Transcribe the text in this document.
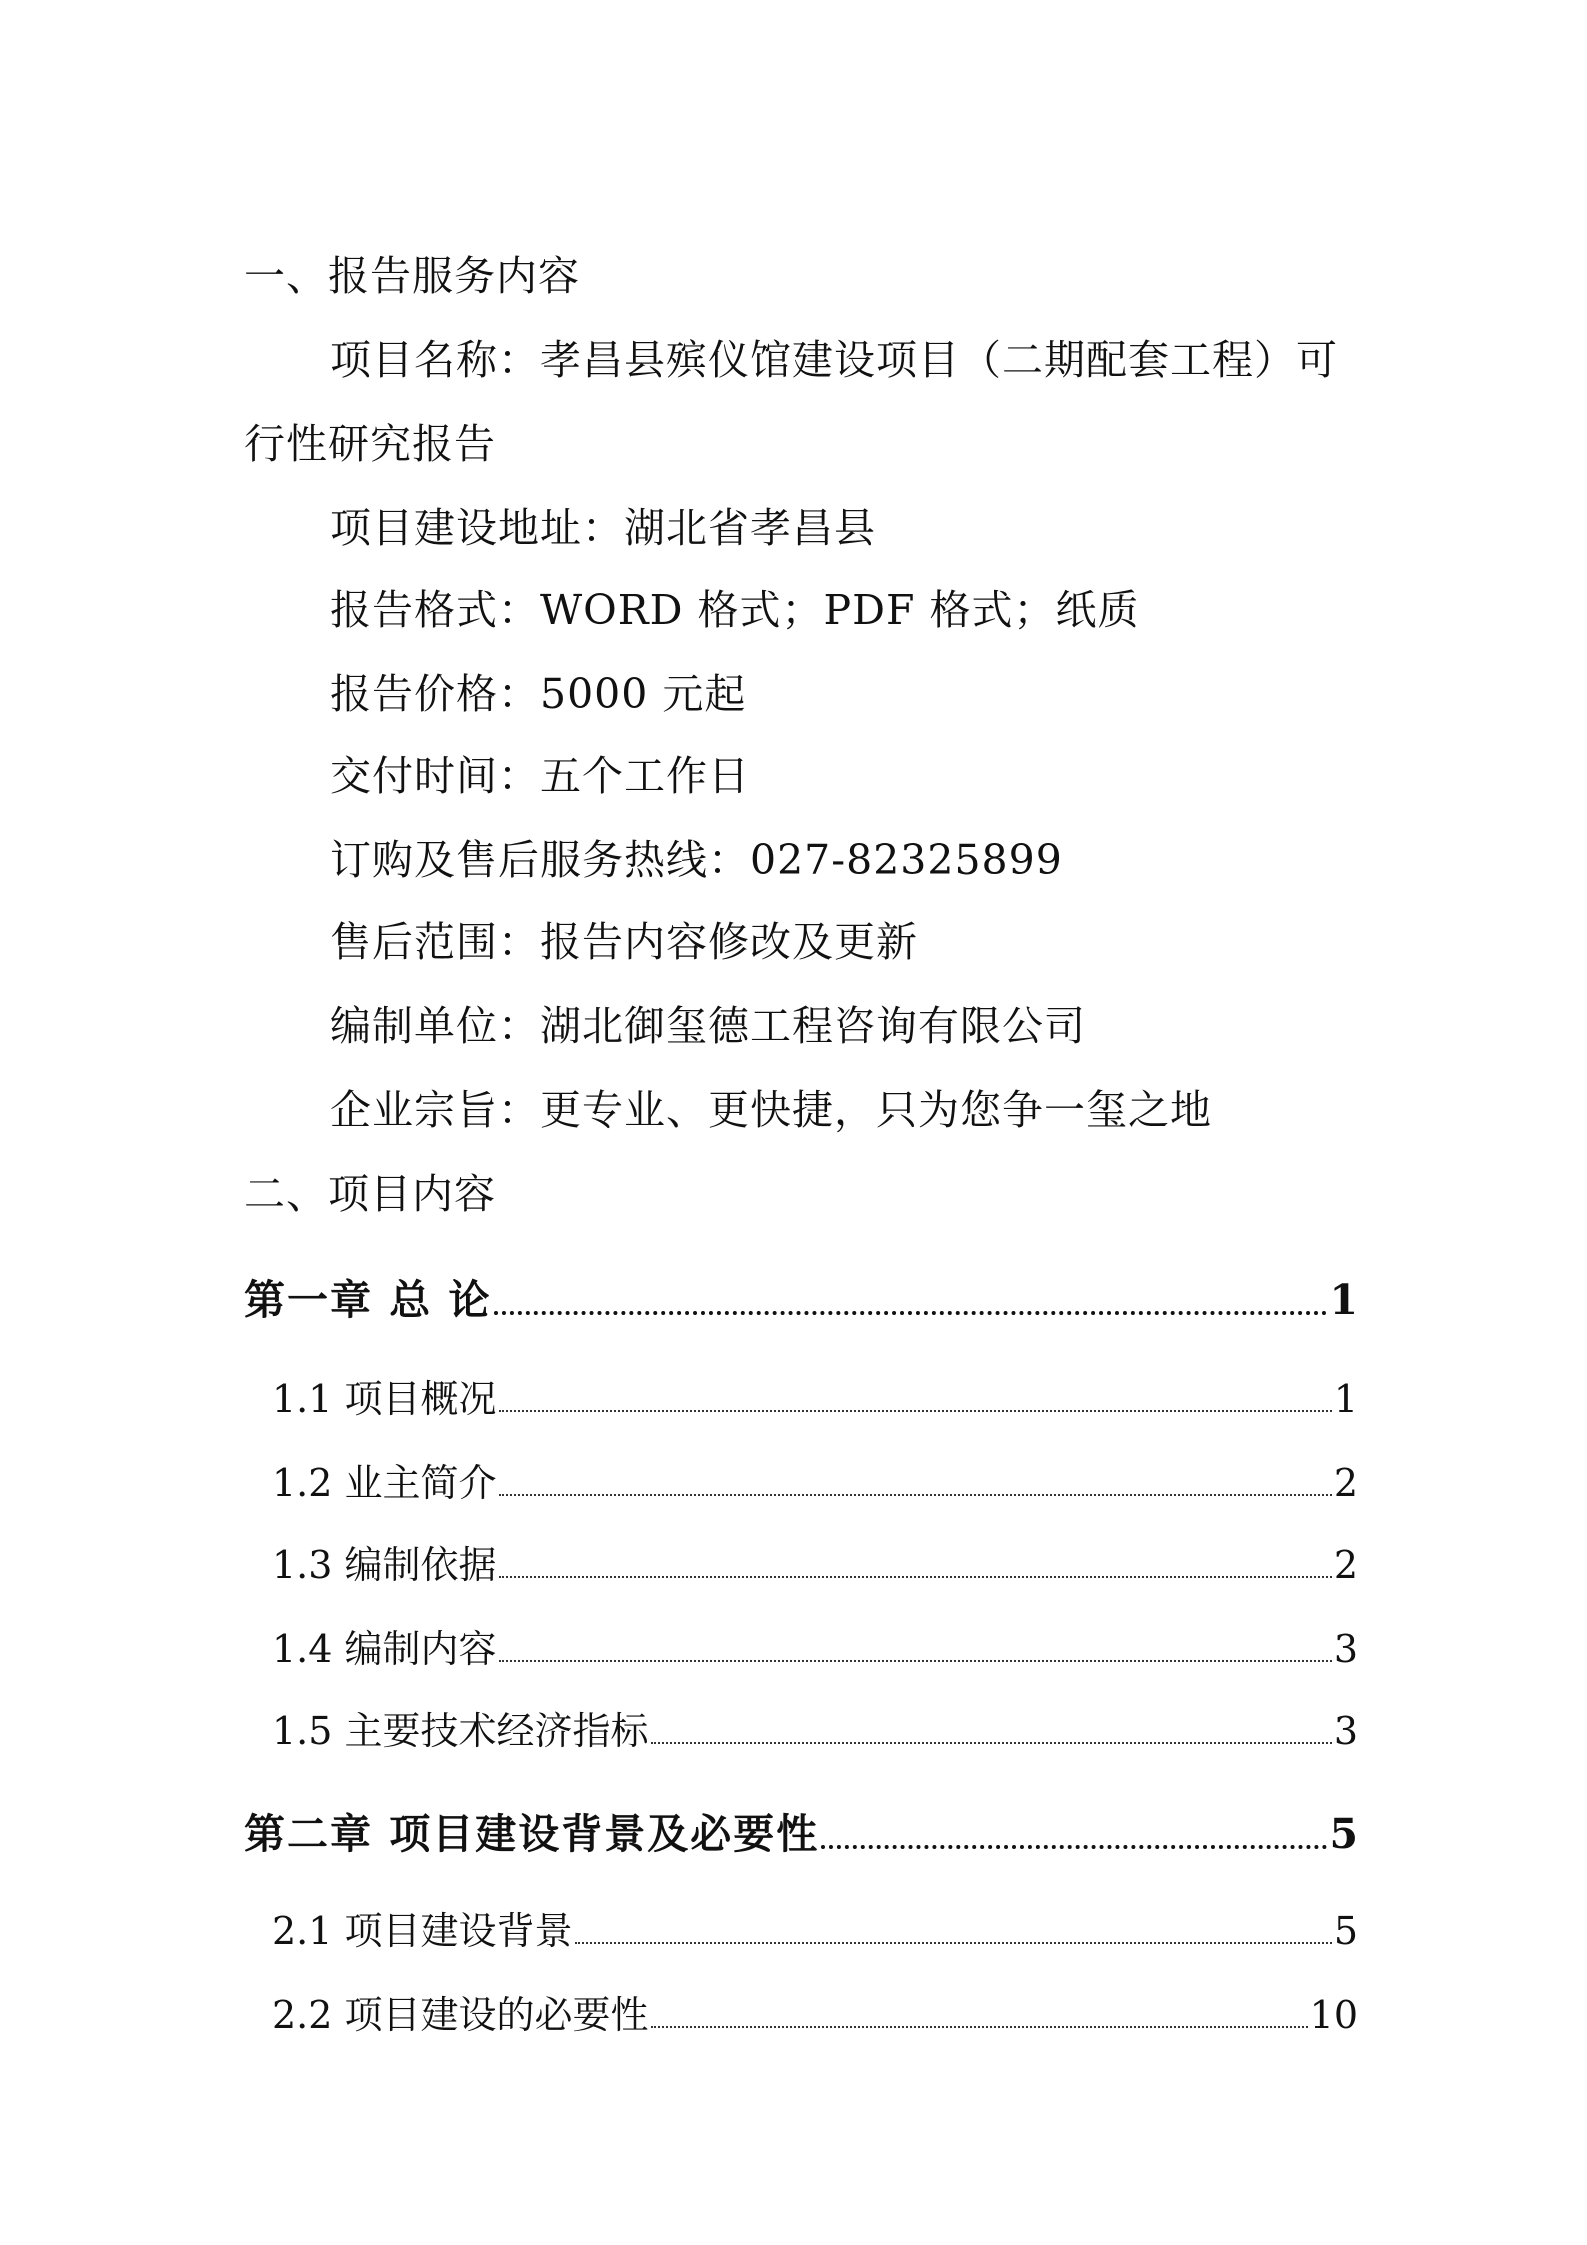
一、报告服务内容
项目名称：孝昌县殡仪馆建设项目（二期配套工程）可
行性研究报告
项目建设地址：湖北省孝昌县
报告格式：WORD 格式；PDF 格式；纸质
报告价格：5000 元起
交付时间：五个工作日
订购及售后服务热线：027-82325899
售后范围：报告内容修改及更新
编制单位：湖北御玺德工程咨询有限公司
企业宗旨：更专业、更快捷，只为您争一玺之地
二、项目内容
第一章 总 论	1
1.1 项目概况	1
1.2 业主简介	2
1.3 编制依据	2
1.4 编制内容	3
1.5 主要技术经济指标	3
第二章 项目建设背景及必要性	5
2.1 项目建设背景	5
2.2 项目建设的必要性	10
